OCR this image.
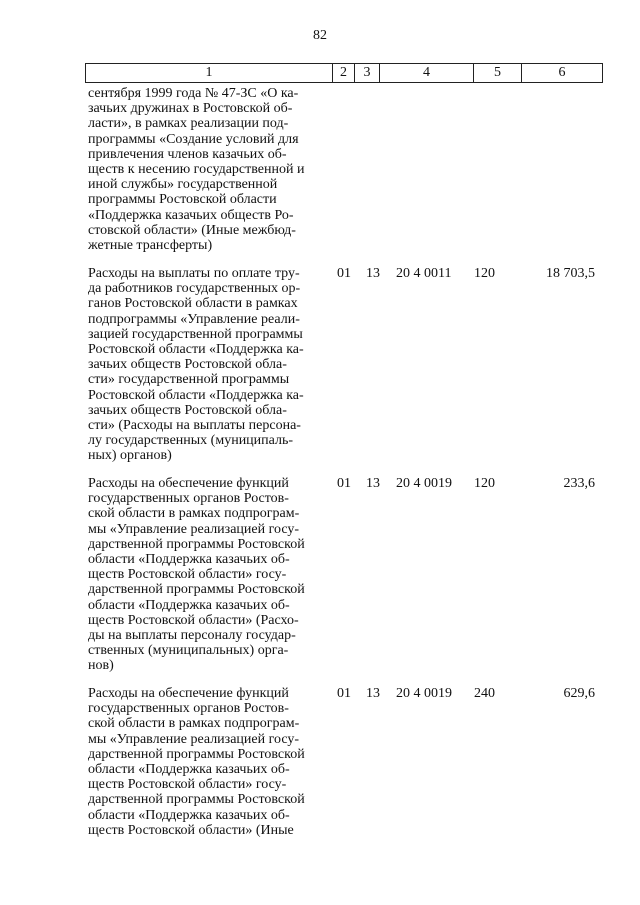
82
1	2	3	4	5	6
сентября 1999 года № 47-ЗС «О ка-
зачьих дружинах в Ростовской об-
ласти», в рамках реализации под-
программы «Создание условий для
привлечения членов казачьих об-
ществ к несению государственной и
иной службы» государственной
программы Ростовской области
«Поддержка казачьих обществ Ро-
стовской области» (Иные межбюд-
жетные трансферты)
Расходы на выплаты по оплате тру-
да работников государственных ор-
ганов Ростовской области в рамках
подпрограммы «Управление реали-
зацией государственной программы
Ростовской области «Поддержка ка-
зачьих обществ Ростовской обла-
сти» государственной программы
Ростовской области «Поддержка ка-
зачьих обществ Ростовской обла-
сти» (Расходы на выплаты персона-
лу государственных (муниципаль-
ных) органов)
01	13	20 4 0011	120	18 703,5
Расходы на обеспечение функций
государственных органов Ростов-
ской области в рамках подпрограм-
мы «Управление реализацией госу-
дарственной программы Ростовской
области «Поддержка казачьих об-
ществ Ростовской области» госу-
дарственной программы Ростовской
области «Поддержка казачьих об-
ществ Ростовской области» (Расхо-
ды на выплаты персоналу государ-
ственных (муниципальных) орга-
нов)
01	13	20 4 0019	120	233,6
Расходы на обеспечение функций
государственных органов Ростов-
ской области в рамках подпрограм-
мы «Управление реализацией госу-
дарственной программы Ростовской
области «Поддержка казачьих об-
ществ Ростовской области» госу-
дарственной программы Ростовской
области «Поддержка казачьих об-
ществ Ростовской области» (Иные
01	13	20 4 0019	240	629,6
